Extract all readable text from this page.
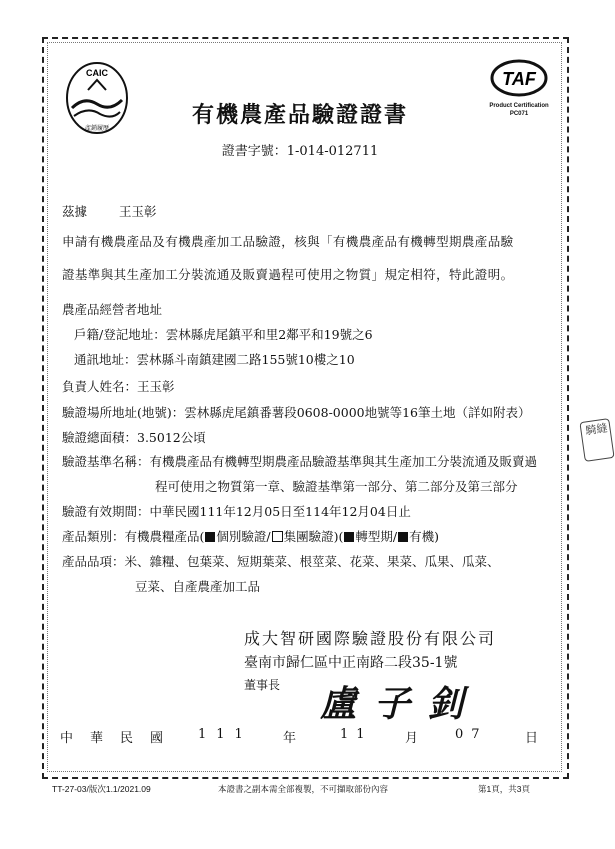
CAIC
產銷履歷
TAF
Product Certification
PC071
有機農產品驗證證書
證書字號：1-014-012711
茲據	王玉彰
申請有機農產品及有機農產加工品驗證，核與「有機農產品有機轉型期農產品驗
證基準與其生產加工分裝流通及販賣過程可使用之物質」規定相符，特此證明。
農產品經營者地址
戶籍/登記地址：雲林縣虎尾鎮平和里2鄰平和19號之6
通訊地址：雲林縣斗南鎮建國二路155號10樓之10
負責人姓名：王玉彰
驗證場所地址(地號)：雲林縣虎尾鎮番薯段0608-0000地號等16筆土地（詳如附表）
驗證總面積：3.5012公頃
驗證基準名稱：有機農產品有機轉型期農產品驗證基準與其生產加工分裝流通及販賣過
程可使用之物質第一章、驗證基準第一部分、第二部分及第三部分
驗證有效期間：中華民國111年12月05日至114年12月04日止
產品類別：有機農糧產品( 個別驗證/ 集團驗證)( 轉型期/ 有機)
產品品項：米、雜糧、包葉菜、短期葉菜、根莖菜、花菜、果菜、瓜果、瓜菜、
豆菜、自產農產加工品
騎縫
成大智研國際驗證股份有限公司
臺南市歸仁區中正南路二段35-1號
董事長 盧子釗
中 華 民 國	111 年	11 月	07	日
TT-27-03/版次1.1/2021.09	本證書之副本需全部複製，不可擷取部份內容	第1頁，共3頁
